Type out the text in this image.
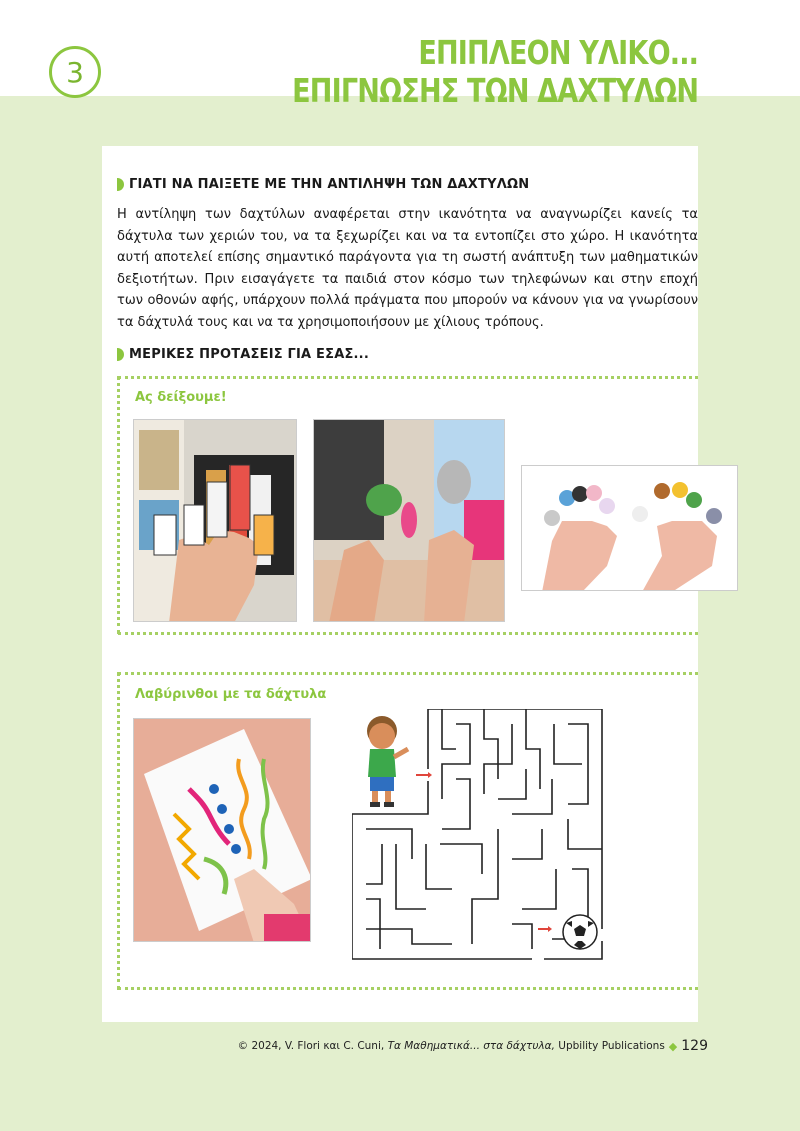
3	ΕΠΙΠΛΕΟΝ ΥΛΙΚΟ...
ΕΠΙΓΝΩΣΗΣ ΤΩΝ ΔΑΧΤΥΛΩΝ
ΓΙΑΤΙ ΝΑ ΠΑΙΞΕΤΕ ΜΕ ΤΗΝ ΑΝΤΙΛΗΨΗ ΤΩΝ ΔΑΧΤΥΛΩΝ
Η αντίληψη των δαχτύλων αναφέρεται στην ικανότητα να αναγνωρίζει κανείς τα δάχτυλα των χεριών του, να τα ξεχωρίζει και να τα εντοπίζει στο χώρο. Η ικανότητα αυτή αποτελεί επίσης σημαντικό παράγοντα για τη σωστή ανάπτυξη των μαθηματικών δεξιοτήτων. Πριν εισαγάγετε τα παιδιά στον κόσμο των τηλεφώνων και στην εποχή των οθονών αφής, υπάρχουν πολλά πράγματα που μπορούν να κάνουν για να γνωρίσουν τα δάχτυλά τους και να τα χρησιμοποιήσουν με χίλιους τρόπους.
ΜΕΡΙΚΕΣ ΠΡΟΤΑΣΕΙΣ ΓΙΑ ΕΣΑΣ...
Ας δείξουμε!
Λαβύρινθοι με τα δάχτυλα
© 2024, V. Flori και C. Cuni,
Τα Μαθηματικά... στα δάχτυλα,
Upbility Publications ◆ 129
